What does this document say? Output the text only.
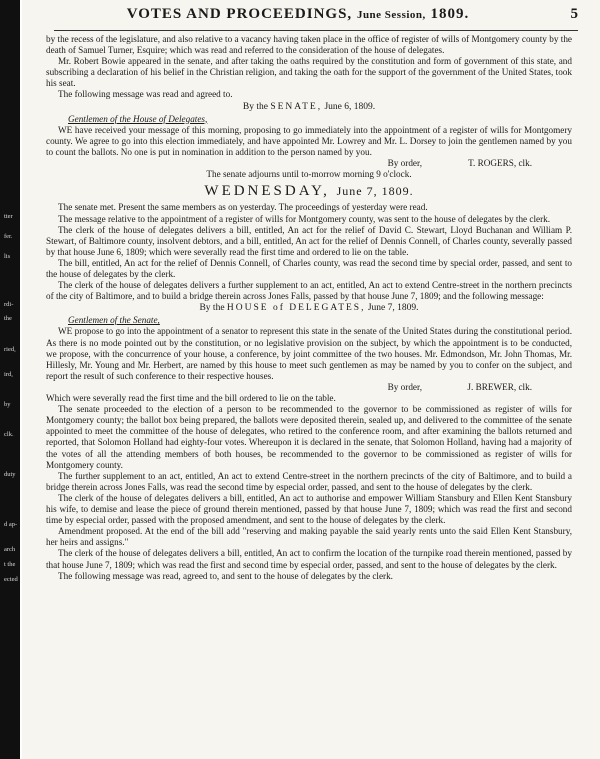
tter
fer.
lis
rdi-
the
ried,
ird,
by
clk.
duty
d ap-
arch
t the
ected
VOTES AND PROCEEDINGS, June Session, 1809.	5

by the recess of the legislature, and also relative to a vacancy having taken place in the office of register of wills of Montgomery county by the death of Samuel Turner, Esquire; which was read and referred to the consideration of the house of delegates.

Mr. Robert Bowie appeared in the senate, and after taking the oaths required by the constitution and form of government of this state, and subscribing a declaration of his belief in the Christian religion, and taking the oath for the support of the government of the United States, took his seat.

The following message was read and agreed to.

By the SENATE, June 6, 1809.

Gentlemen of the House of Delegates,

WE have received your message of this morning, proposing to go immediately into the appointment of a register of wills for Montgomery county. We agree to go into this election immediately, and have appointed Mr. Lowrey and Mr. L. Dorsey to join the gentlemen named by you to count the ballots. No one is put in nomination in addition to the person named by you.

By order,	T. ROGERS, clk.

The senate adjourns until to-morrow morning 9 o'clock.

WEDNESDAY, June 7, 1809.

The senate met. Present the same members as on yesterday. The proceedings of yesterday were read.

The message relative to the appointment of a register of wills for Montgomery county, was sent to the house of delegates by the clerk.

The clerk of the house of delegates delivers a bill, entitled, An act for the relief of David C. Stewart, Lloyd Buchanan and William P. Stewart, of Baltimore county, insolvent debtors, and a bill, entitled, An act for the relief of Dennis Connell, of Charles county, severally passed by that house June 6, 1809; which were severally read the first time and ordered to lie on the table.

The bill, entitled, An act for the relief of Dennis Connell, of Charles county, was read the second time by special order, passed, and sent to the house of delegates by the clerk.

The clerk of the house of delegates delivers a further supplement to an act, entitled, An act to extend Centre-street in the northern precincts of the city of Baltimore, and to build a bridge therein across Jones Falls, passed by that house June 7, 1809; and the following message:

By the HOUSE of DELEGATES, June 7, 1809.

Gentlemen of the Senate,

WE propose to go into the appointment of a senator to represent this state in the senate of the United States during the constitutional period. As there is no mode pointed out by the constitution, or no legislative provision on the subject, by which the appointment is to be conducted, we propose, with the concurrence of your house, a conference, by joint committee of the two houses. Mr. Edmondson, Mr. John Thomas, Mr. Hillesly, Mr. Young and Mr. Herbert, are named by this house to meet such gentlemen as may be named by you to confer on the subject, and report the result of such conference to their respective houses.

By order,	J. BREWER, clk.

Which were severally read the first time and the bill ordered to lie on the table.

The senate proceeded to the election of a person to be recommended to the governor to be commissioned as register of wills for Montgomery county; the ballot box being prepared, the ballots were deposited therein, sealed up, and delivered to the committee of the senate appointed to meet the committee of the house of delegates, who retired to the conference room, and after examining the ballots returned and reported, that Solomon Holland had eighty-four votes. Whereupon it is declared in the senate, that Solomon Holland, having had a majority of the votes of all the attending members of both houses, be recommended to the governor to be commissioned as register of wills for Montgomery county.

The further supplement to an act, entitled, An act to extend Centre-street in the northern precincts of the city of Baltimore, and to build a bridge therein across Jones Falls, was read the second time by especial order, passed, and sent to the house of delegates by the clerk.

The clerk of the house of delegates delivers a bill, entitled, An act to authorise and empower William Stansbury and Ellen Kent Stansbury his wife, to demise and lease the piece of ground therein mentioned, passed by that house June 7, 1809; which was read the first and second time by especial order, passed with the proposed amendment, and sent to the house of delegates by the clerk.

Amendment proposed. At the end of the bill add "reserving and making payable the said yearly rents unto the said Ellen Kent Stansbury, her heirs and assigns."

The clerk of the house of delegates delivers a bill, entitled, An act to confirm the location of the turnpike road therein mentioned, passed by that house June 7, 1809; which was read the first and second time by especial order, passed, and sent to the house of delegates by the clerk.

The following message was read, agreed to, and sent to the house of delegates by the clerk.
